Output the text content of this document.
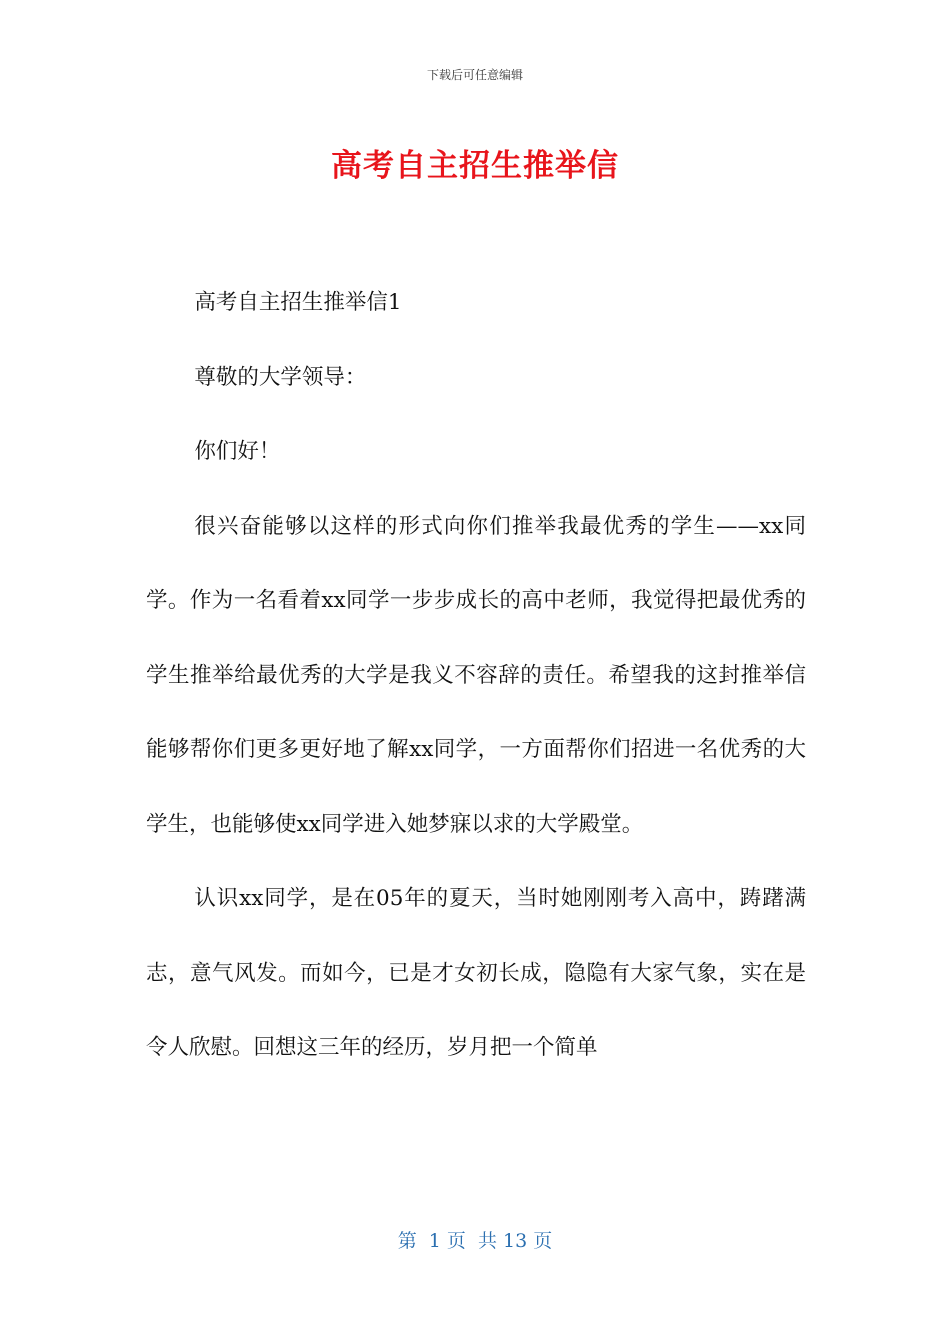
下载后可任意编辑
高考自主招生推举信

高考自主招生推举信1

尊敬的大学领导：

你们好！

很兴奋能够以这样的形式向你们推举我最优秀的学生——xx同学。作为一名看着xx同学一步步成长的高中老师，我觉得把最优秀的学生推举给最优秀的大学是我义不容辞的责任。希望我的这封推举信能够帮你们更多更好地了解xx同学，一方面帮你们招进一名优秀的大学生，也能够使xx同学进入她梦寐以求的大学殿堂。

认识xx同学，是在05年的夏天，当时她刚刚考入高中，踌躇满志，意气风发。而如今，已是才女初长成，隐隐有大家气象，实在是令人欣慰。回想这三年的经历，岁月把一个简单

第  1 页  共 13 页
